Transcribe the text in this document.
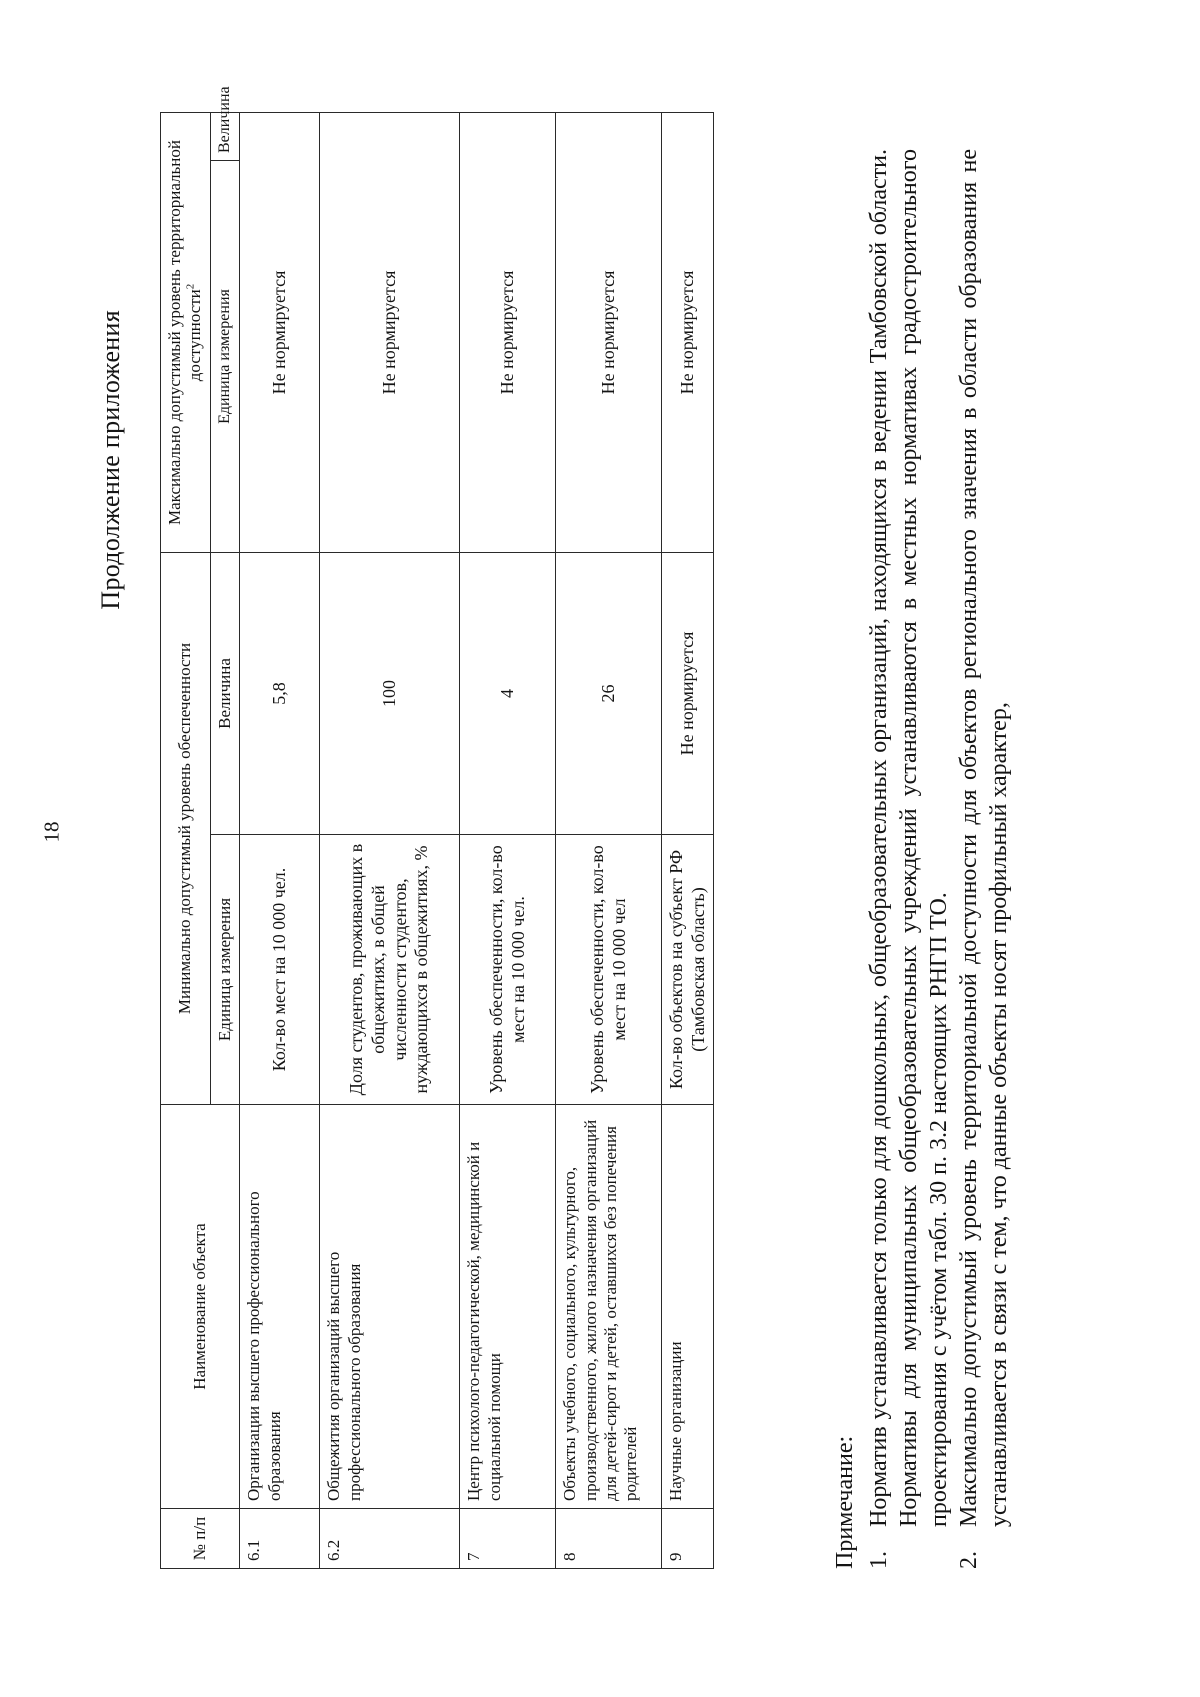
18
Продолжение приложения
№ п/п	Наименование объекта	Минимально допустимый уровень обеспеченности		Максимально допустимый уровень территориальной доступности$^2$
		Единица измерения	Величина	Единица измерения	Величина
6.1	Организации высшего профессионального образования	Кол-во мест на 10 000 чел.	5,8	Не нормируется	
6.2	Общежития организаций высшего профессионального образования	Доля студентов, проживающих в общежитиях, в общей численности студентов, нуждающихся в общежитиях, %	100	Не нормируется	
7	Центр психолого-педагогической, медицинской и социальной помощи	Уровень обеспеченности, кол-во мест на 10 000 чел.	4	Не нормируется	
8	Объекты учебного, социального, культурного, производственного, жилого назначения организаций для детей-сирот и детей, оставшихся без попечения родителей	Уровень обеспеченности, кол-во мест на 10 000 чел	26	Не нормируется	
9	Научные организации	Кол-во объектов на субъект РФ (Тамбовская область)	Не нормируется	Не нормируется	
Примечание: 1.
Норматив устанавливается только для дошкольных, общеобразовательных организаций, находящихся в ведении Тамбовской области. Нормативы для муниципальных общеобразовательных учреждений устанавливаются в местных нормативах градостроительного проектирования с учётом табл. 30 п. 3.2 настоящих РНГП ТО.
2.
Максимально допустимый уровень территориальной доступности для объектов регионального значения в области образования не устанавливается в связи с тем, что данные объекты носят профильный характер,
